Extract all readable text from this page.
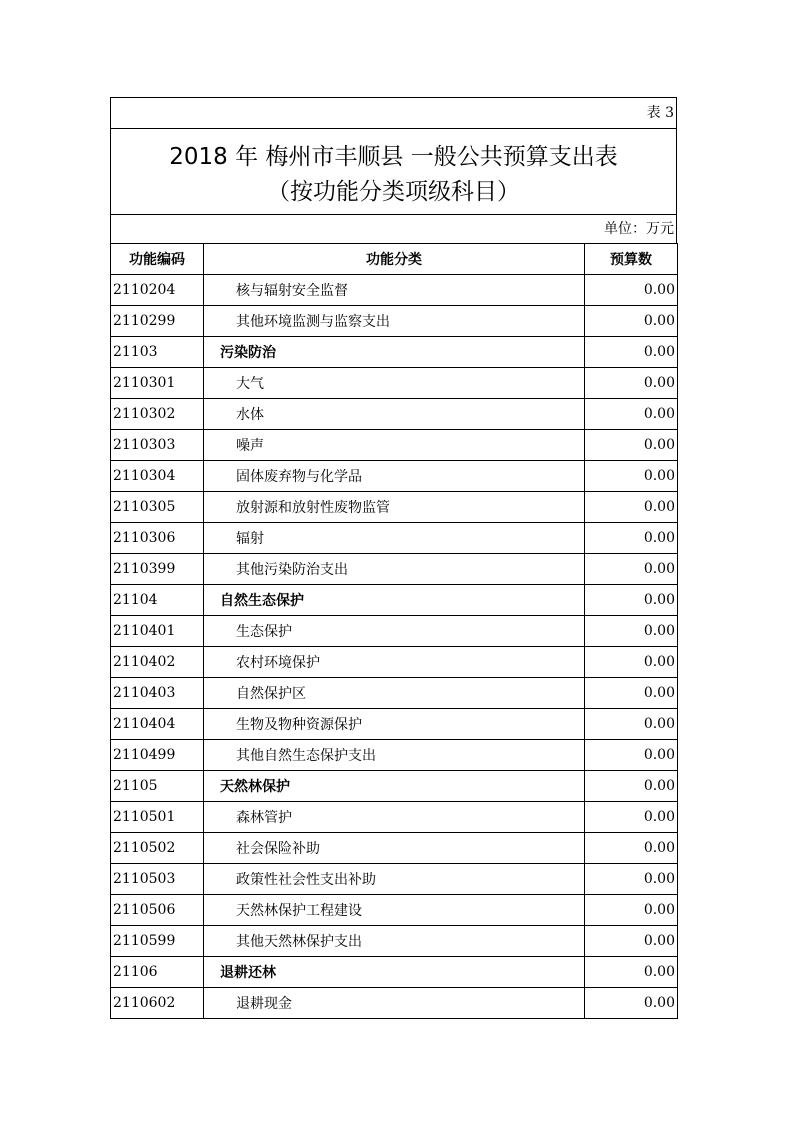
表 3
2018 年 梅州市丰顺县 一般公共预算支出表
（按功能分类项级科目）
单位：万元
功能编码	功能分类	预算数
2110204	核与辐射安全监督	0.00
2110299	其他环境监测与监察支出	0.00
21103	污染防治	0.00
2110301	大气	0.00
2110302	水体	0.00
2110303	噪声	0.00
2110304	固体废弃物与化学品	0.00
2110305	放射源和放射性废物监管	0.00
2110306	辐射	0.00
2110399	其他污染防治支出	0.00
21104	自然生态保护	0.00
2110401	生态保护	0.00
2110402	农村环境保护	0.00
2110403	自然保护区	0.00
2110404	生物及物种资源保护	0.00
2110499	其他自然生态保护支出	0.00
21105	天然林保护	0.00
2110501	森林管护	0.00
2110502	社会保险补助	0.00
2110503	政策性社会性支出补助	0.00
2110506	天然林保护工程建设	0.00
2110599	其他天然林保护支出	0.00
21106	退耕还林	0.00
2110602	退耕现金	0.00
